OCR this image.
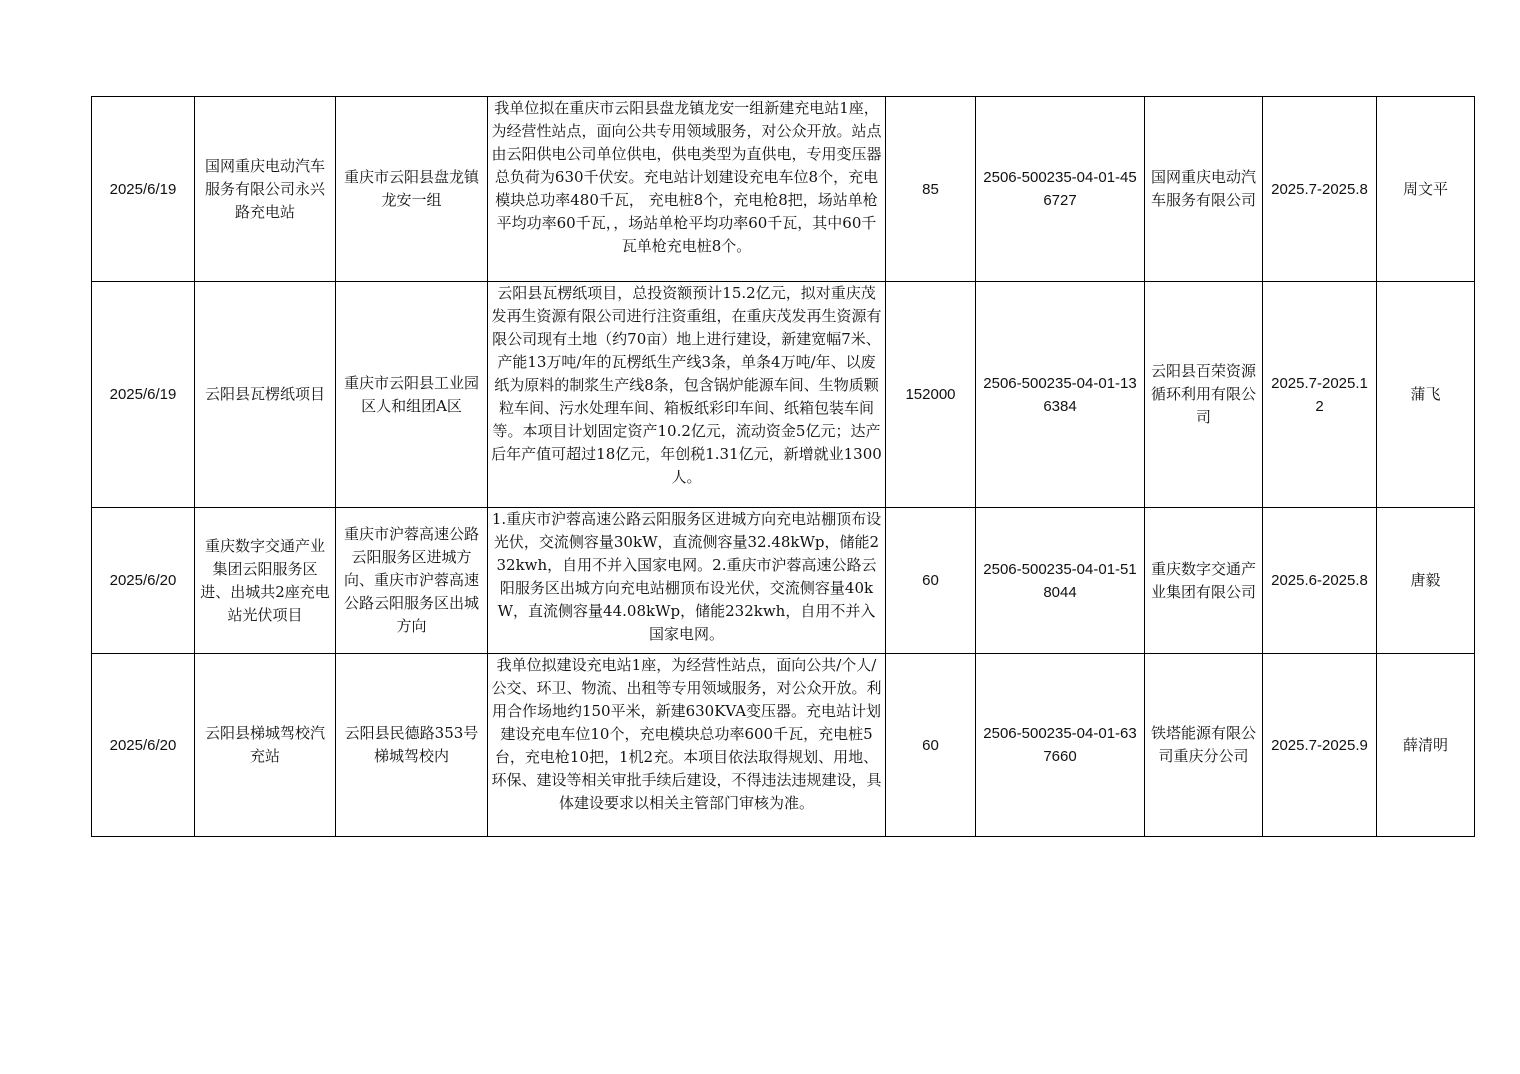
2025/6/19	国网重庆电动汽车服务有限公司永兴路充电站	重庆市云阳县盘龙镇龙安一组	我单位拟在重庆市云阳县盘龙镇龙安一组新建充电站1座，为经营性站点，面向公共专用领域服务，对公众开放。站点由云阳供电公司单位供电，供电类型为直供电，专用变压器总负荷为630千伏安。充电站计划建设充电车位8个，充电模块总功率480千瓦， 充电桩8个，充电枪8把，场站单枪平均功率60千瓦，，场站单枪平均功率60千瓦，其中60千瓦单枪充电桩8个。	85	2506-500235-04-01-456727	国网重庆电动汽车服务有限公司	2025.7-2025.8	周文平
2025/6/19	云阳县瓦楞纸项目	重庆市云阳县工业园区人和组团A区	云阳县瓦楞纸项目，总投资额预计15.2亿元，拟对重庆茂发再生资源有限公司进行注资重组，在重庆茂发再生资源有限公司现有土地（约70亩）地上进行建设，新建宽幅7米、产能13万吨/年的瓦楞纸生产线3条，单条4万吨/年、以废纸为原料的制浆生产线8条，包含锅炉能源车间、生物质颗粒车间、污水处理车间、箱板纸彩印车间、纸箱包装车间等。本项目计划固定资产10.2亿元，流动资金5亿元；达产后年产值可超过18亿元，年创税1.31亿元，新增就业1300人。	152000	2506-500235-04-01-136384	云阳县百荣资源循环利用有限公司	2025.7-2025.12	蒲飞
2025/6/20	重庆数字交通产业集团云阳服务区进、出城共2座充电站光伏项目	重庆市沪蓉高速公路云阳服务区进城方向、重庆市沪蓉高速公路云阳服务区出城方向	1.重庆市沪蓉高速公路云阳服务区进城方向充电站棚顶布设光伏，交流侧容量30kW，直流侧容量32.48kWp，储能232kwh，自用不并入国家电网。2.重庆市沪蓉高速公路云阳服务区出城方向充电站棚顶布设光伏，交流侧容量40kW，直流侧容量44.08kWp，储能232kwh，自用不并入国家电网。	60	2506-500235-04-01-518044	重庆数字交通产业集团有限公司	2025.6-2025.8	唐毅
2025/6/20	云阳县梯城驾校汽充站	云阳县民德路353号梯城驾校内	我单位拟建设充电站1座，为经营性站点，面向公共/个人/公交、环卫、物流、出租等专用领域服务，对公众开放。利用合作场地约150平米，新建630KVA变压器。充电站计划建设充电车位10个，充电模块总功率600千瓦，充电桩5台，充电枪10把，1机2充。本项目依法取得规划、用地、环保、建设等相关审批手续后建设，不得违法违规建设，具体建设要求以相关主管部门审核为准。	60	2506-500235-04-01-637660	铁塔能源有限公司重庆分公司	2025.7-2025.9	薛清明
